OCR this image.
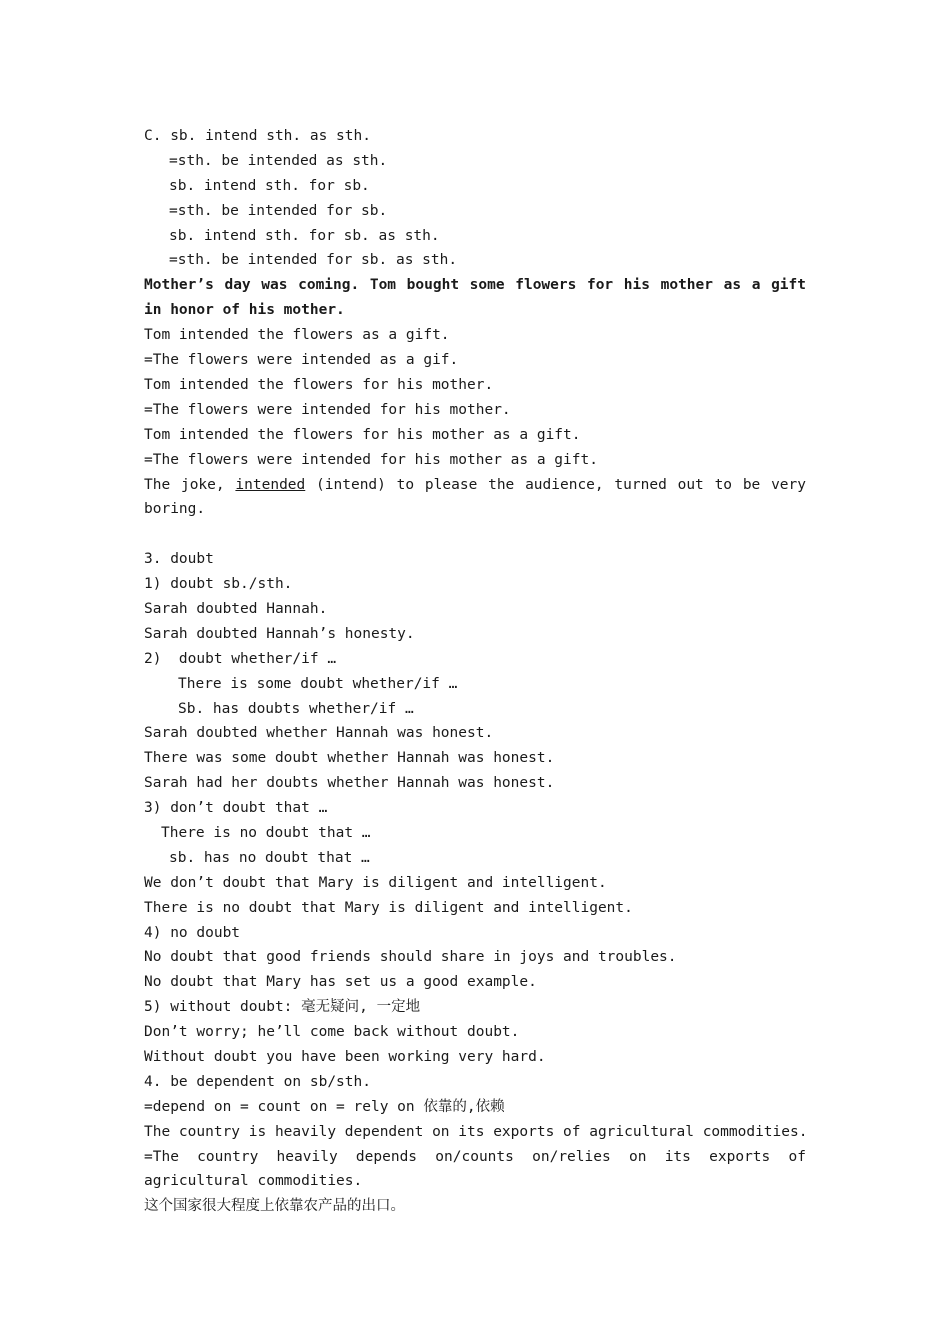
C. sb. intend sth. as sth.
=sth. be intended as sth.
sb. intend sth. for sb.
=sth. be intended for sb.
sb. intend sth. for sb. as sth.
=sth. be intended for sb. as sth.
Mother’s day was coming. Tom bought some flowers for his mother as a gift in honor of his mother.
Tom intended the flowers as a gift.
=The flowers were intended as a gif.
Tom intended the flowers for his mother.
=The flowers were intended for his mother.
Tom intended the flowers for his mother as a gift.
=The flowers were intended for his mother as a gift.
The joke, intended (intend) to please the audience, turned out to be very boring.
3. doubt
1) doubt sb./sth.
Sarah doubted Hannah.
Sarah doubted Hannah’s honesty.
2)  doubt whether/if …
There is some doubt whether/if …
Sb. has doubts whether/if …
Sarah doubted whether Hannah was honest.
There was some doubt whether Hannah was honest.
Sarah had her doubts whether Hannah was honest.
3) don’t doubt that …
There is no doubt that …
sb. has no doubt that …
We don’t doubt that Mary is diligent and intelligent.
There is no doubt that Mary is diligent and intelligent.
4) no doubt
No doubt that good friends should share in joys and troubles.
No doubt that Mary has set us a good example.
5) without doubt: 毫无疑问, 一定地
Don’t worry; he’ll come back without doubt.
Without doubt you have been working very hard.
4. be dependent on sb/sth.
=depend on = count on = rely on 依靠的,依赖
The country is heavily dependent on its exports of agricultural commodities.
=The country heavily depends on/counts on/relies on its exports of agricultural commodities.
这个国家很大程度上依靠农产品的出口。
